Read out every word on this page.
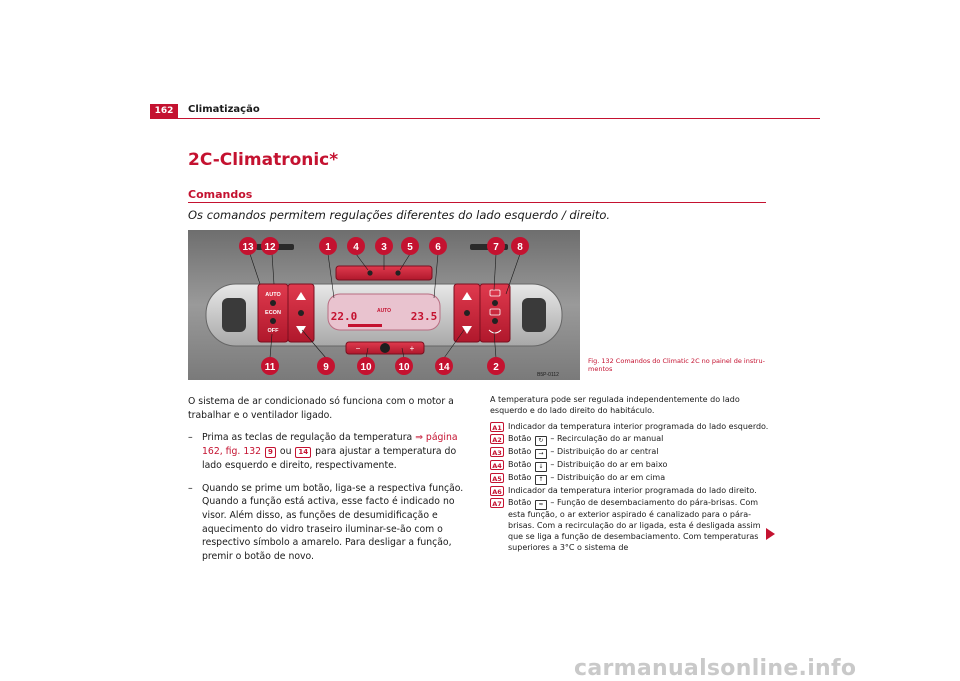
162	Climatização
2C-Climatronic*
Comandos
Os comandos permitem regulações diferentes do lado esquerdo / direito.
AUTO
ECON
OFF
22.0	23.5
AUTO
−	+
13 12	1 4 3 5 6	7 8
11	9	10	10	14	2
B5P-0112
Fig. 132 Comandos do Climatic 2C no painel de instru-mentos

O sistema de ar condicionado só funciona com o motor a trabalhar e o ventilador ligado.

–	Prima as teclas de regulação da temperatura ⇒ página 162, fig. 132 9 ou 14 para ajustar a temperatura do lado esquerdo e direito, respectivamente.
–	Quando se prime um botão, liga-se a respectiva função. Quando a função está activa, esse facto é indicado no visor. Além disso, as funções de desumidificação e aquecimento do vidro traseiro iluminar-se-ão com o respectivo símbolo a amarelo. Para desligar a função, premir o botão de novo.

A temperatura pode ser regulada independentemente do lado esquerdo e do lado direito do habitáculo.

A1 Indicador da temperatura interior programada do lado esquerdo.
A2 Botão ↻ – Recirculação do ar manual
A3 Botão → – Distribuição do ar central
A4 Botão ↓ – Distribuição do ar em baixo
A5 Botão ↑ – Distribuição do ar em cima
A6 Indicador da temperatura interior programada do lado direito.
A7 Botão ≈ – Função de desembaciamento do pára-brisas. Com esta função, o ar exterior aspirado é canalizado para o pára-brisas. Com a recirculação do ar ligada, esta é desligada assim que se liga a função de desembaciamento. Com temperaturas superiores a 3°C o sistema de
carmanualsonline.info
